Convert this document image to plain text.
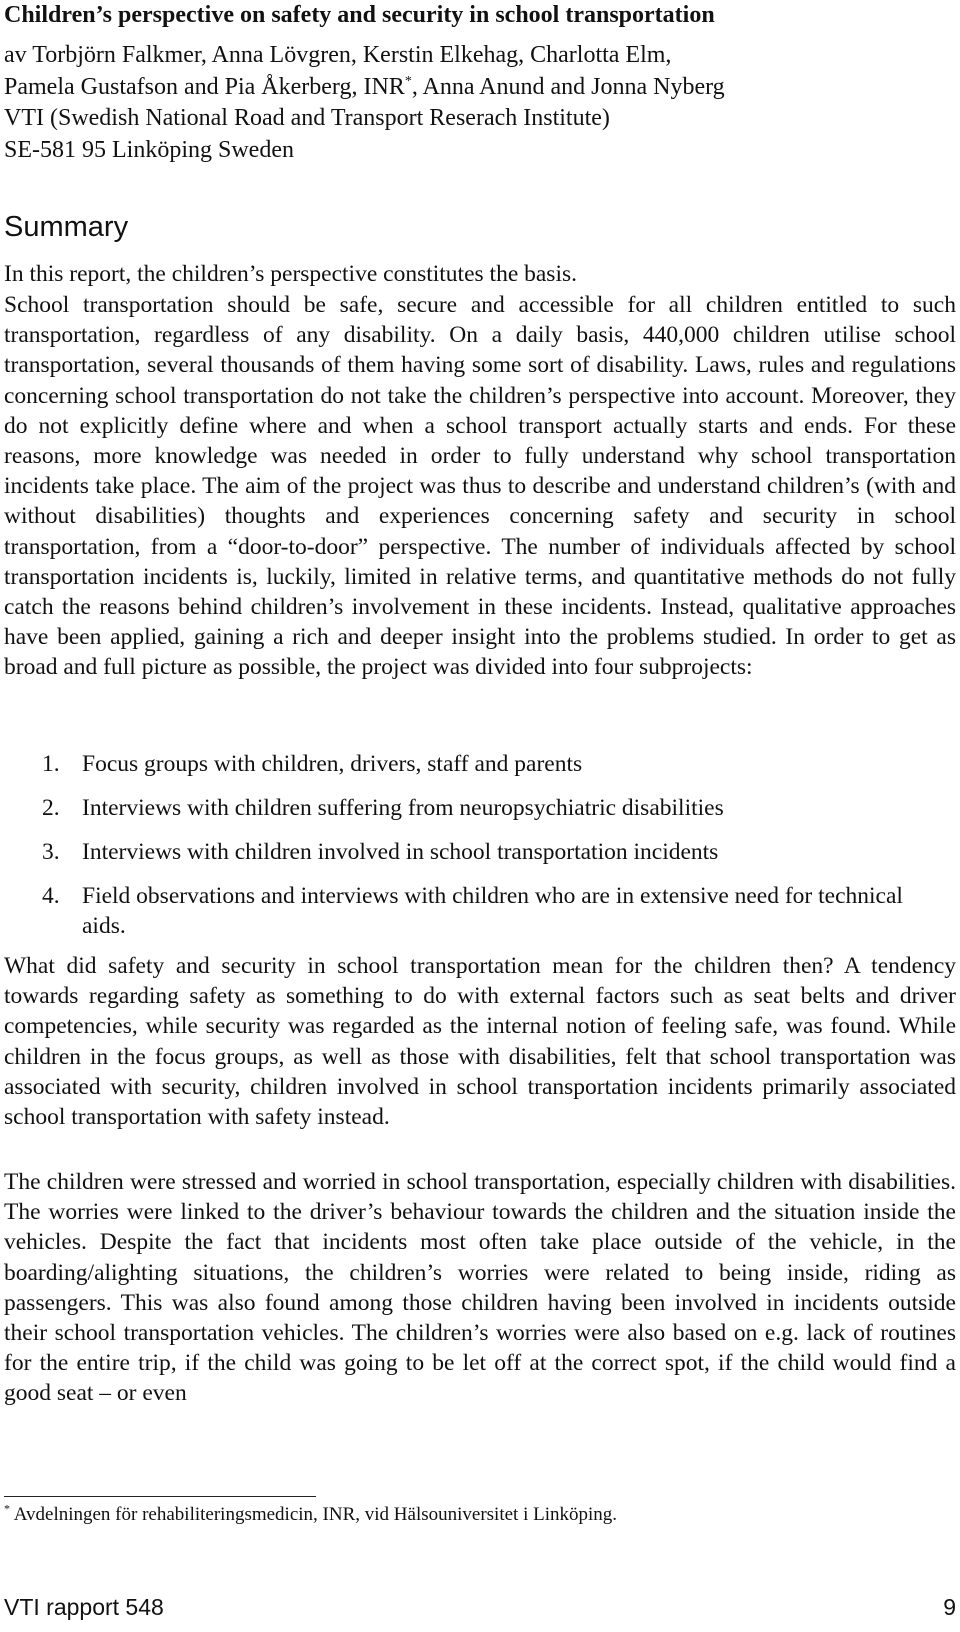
Children’s perspective on safety and security in school transportation
av Torbjörn Falkmer, Anna Lövgren, Kerstin Elkehag, Charlotta Elm,
Pamela Gustafson and Pia Åkerberg, INR*, Anna Anund and Jonna Nyberg
VTI (Swedish National Road and Transport Reserach Institute)
SE-581 95 Linköping Sweden
Summary
In this report, the children’s perspective constitutes the basis.
School transportation should be safe, secure and accessible for all children entitled to such transportation, regardless of any disability. On a daily basis, 440,000 children utilise school transportation, several thousands of them having some sort of disability. Laws, rules and regulations concerning school transportation do not take the children’s perspective into account. Moreover, they do not explicitly define where and when a school transport actually starts and ends. For these reasons, more knowledge was needed in order to fully understand why school transportation incidents take place. The aim of the project was thus to describe and understand children’s (with and without disabilities) thoughts and experiences concerning safety and security in school transportation, from a “door-to-door” perspective. The number of individuals affected by school transportation incidents is, luckily, limited in relative terms, and quantitative methods do not fully catch the reasons behind children’s involvement in these incidents. Instead, qualitative approaches have been applied, gaining a rich and deeper insight into the problems studied. In order to get as broad and full picture as possible, the project was divided into four subprojects:
1. Focus groups with children, drivers, staff and parents
2. Interviews with children suffering from neuropsychiatric disabilities
3. Interviews with children involved in school transportation incidents
4. Field observations and interviews with children who are in extensive need for technical aids.
What did safety and security in school transportation mean for the children then? A tendency towards regarding safety as something to do with external factors such as seat belts and driver competencies, while security was regarded as the internal notion of feeling safe, was found. While children in the focus groups, as well as those with disabilities, felt that school transportation was associated with security, children involved in school transportation incidents primarily associated school transportation with safety instead.
The children were stressed and worried in school transportation, especially children with disabilities. The worries were linked to the driver’s behaviour towards the children and the situation inside the vehicles. Despite the fact that incidents most often take place outside of the vehicle, in the boarding/alighting situations, the children’s worries were related to being inside, riding as passengers. This was also found among those children having been involved in incidents outside their school transportation vehicles. The children’s worries were also based on e.g. lack of routines for the entire trip, if the child was going to be let off at the correct spot, if the child would find a good seat – or even
* Avdelningen för rehabiliteringsmedicin, INR, vid Hälsouniversitet i Linköping.
VTI rapport 548	9
